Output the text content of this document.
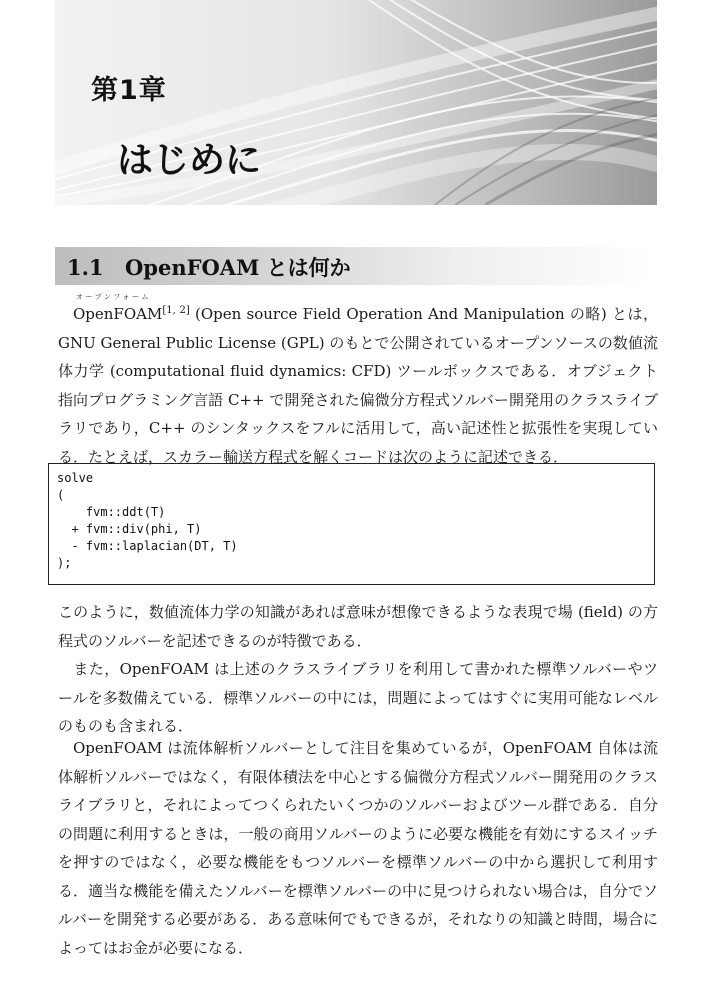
第1章
はじめに
1.1 OpenFOAM とは何か
オープンフォーム

OpenFOAM[1, 2] (Open source Field Operation And Manipulation の略) とは，GNU General Public License (GPL) のもとで公開されているオープンソースの数値流体力学 (computational fluid dynamics: CFD) ツールボックスである．オブジェクト指向プログラミング言語 C++ で開発された偏微分方程式ソルバー開発用のクラスライブラリであり，C++ のシンタックスをフルに活用して，高い記述性と拡張性を実現している．たとえば，スカラー輸送方程式を解くコードは次のように記述できる．

solve
(
fvm::ddt(T)
+ fvm::div(phi, T)
- fvm::laplacian(DT, T)
);

このように，数値流体力学の知識があれば意味が想像できるような表現で場 (field) の方程式のソルバーを記述できるのが特徴である．

また，OpenFOAM は上述のクラスライブラリを利用して書かれた標準ソルバーやツールを多数備えている．標準ソルバーの中には，問題によってはすぐに実用可能なレベルのものも含まれる．

OpenFOAM は流体解析ソルバーとして注目を集めているが，OpenFOAM 自体は流体解析ソルバーではなく，有限体積法を中心とする偏微分方程式ソルバー開発用のクラスライブラリと，それによってつくられたいくつかのソルバーおよびツール群である．自分の問題に利用するときは，一般の商用ソルバーのように必要な機能を有効にするスイッチを押すのではなく，必要な機能をもつソルバーを標準ソルバーの中から選択して利用する．適当な機能を備えたソルバーを標準ソルバーの中に見つけられない場合は，自分でソルバーを開発する必要がある．ある意味何でもできるが，それなりの知識と時間，場合によってはお金が必要になる．
